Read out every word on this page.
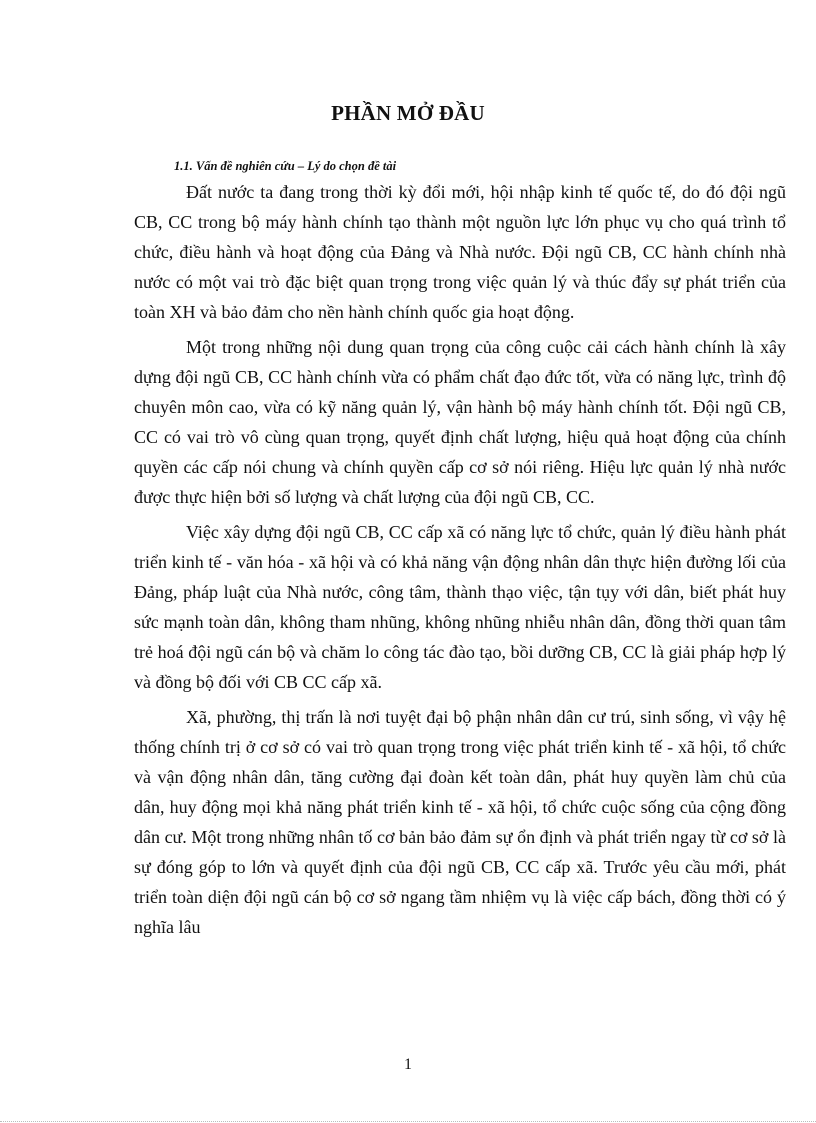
PHẦN MỞ ĐẦU
1.1. Vấn đề nghiên cứu – Lý do chọn đề tài

Đất nước ta đang trong thời kỳ đổi mới, hội nhập kinh tế quốc tế, do đó đội ngũ CB, CC trong bộ máy hành chính tạo thành một nguồn lực lớn phục vụ cho quá trình tổ chức, điều hành và hoạt động của Đảng và Nhà nước. Đội ngũ CB, CC hành chính nhà nước có một vai trò đặc biệt quan trọng trong việc quản lý và thúc đẩy sự phát triển của toàn XH và bảo đảm cho nền hành chính quốc gia hoạt động.

Một trong những nội dung quan trọng của công cuộc cải cách hành chính là xây dựng đội ngũ CB, CC hành chính vừa có phẩm chất đạo đức tốt, vừa có năng lực, trình độ chuyên môn cao, vừa có kỹ năng quản lý, vận hành bộ máy hành chính tốt. Đội ngũ CB, CC có vai trò vô cùng quan trọng, quyết định chất lượng, hiệu quả hoạt động của chính quyền các cấp nói chung và chính quyền cấp cơ sở nói riêng. Hiệu lực quản lý nhà nước được thực hiện bởi số lượng và chất lượng của đội ngũ CB, CC.

Việc xây dựng đội ngũ CB, CC cấp xã có năng lực tổ chức, quản lý điều hành phát triển kinh tế - văn hóa - xã hội và có khả năng vận động nhân dân thực hiện đường lối của Đảng, pháp luật của Nhà nước, công tâm, thành thạo việc, tận tụy với dân, biết phát huy sức mạnh toàn dân, không tham nhũng, không nhũng nhiễu nhân dân, đồng thời quan tâm trẻ hoá đội ngũ cán bộ và chăm lo công tác đào tạo, bồi dưỡng CB, CC là giải pháp hợp lý và đồng bộ đối với CB CC cấp xã.

Xã, phường, thị trấn là nơi tuyệt đại bộ phận nhân dân cư trú, sinh sống, vì vậy hệ thống chính trị ở cơ sở có vai trò quan trọng trong việc phát triển kinh tế - xã hội, tổ chức và vận động nhân dân, tăng cường đại đoàn kết toàn dân, phát huy quyền làm chủ của dân, huy động mọi khả năng phát triển kinh tế - xã hội, tổ chức cuộc sống của cộng đồng dân cư. Một trong những nhân tố cơ bản bảo đảm sự ổn định và phát triển ngay từ cơ sở là sự đóng góp to lớn và quyết định của đội ngũ CB, CC cấp xã. Trước yêu cầu mới, phát triển toàn diện đội ngũ cán bộ cơ sở ngang tầm nhiệm vụ là việc cấp bách, đồng thời có ý nghĩa lâu

1
